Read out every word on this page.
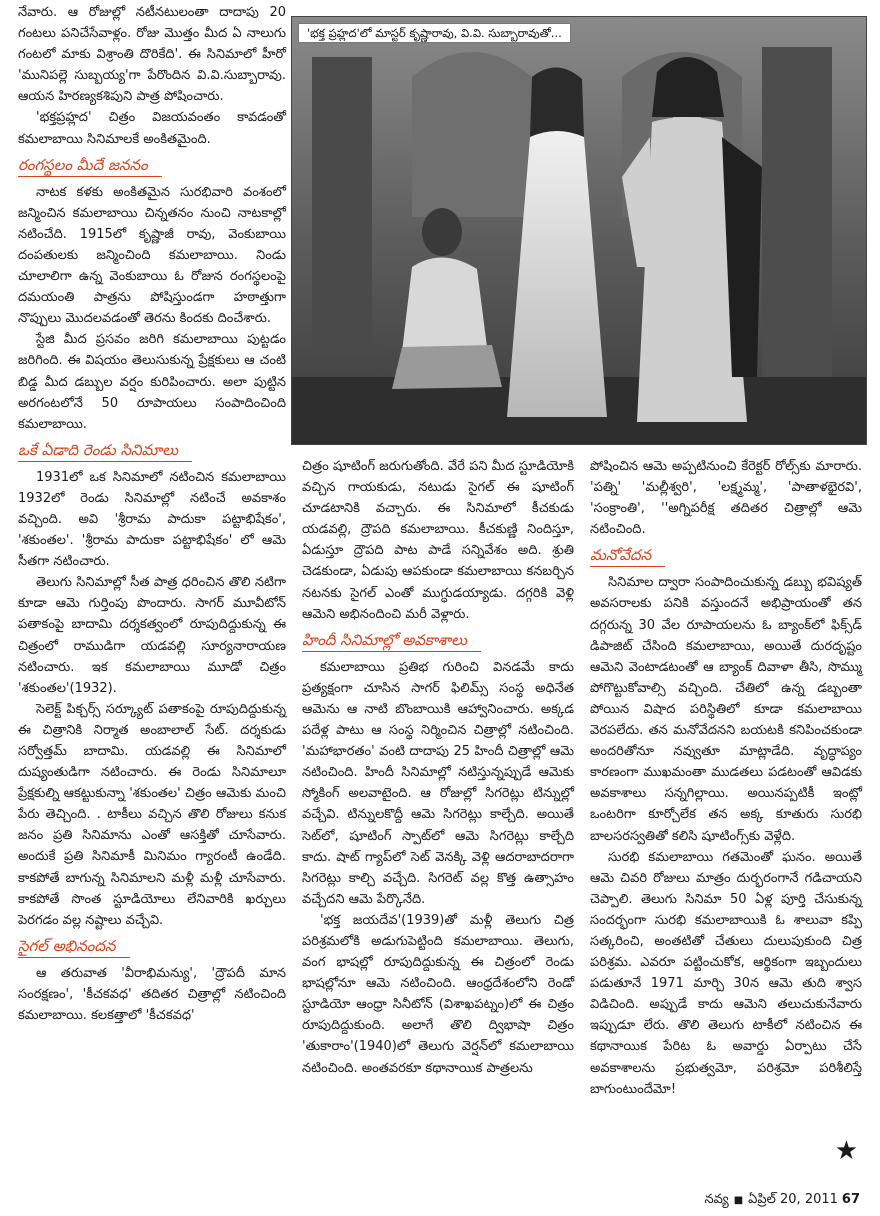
నేవారు. ఆ రోజుల్లో నటీనటులంతా దాదాపు 20 గంటలు పనిచేసేవాళ్లం. రోజు మొత్తం మీద ఏ నాలుగు గంటలో మాకు విశ్రాంతి దొరికేది'. ఈ సినిమాలో హీరో 'మునిపల్లె సుబ్బయ్య'గా పేరొందిన వి.వి.సుబ్బారావు. ఆయన హిరణ్యకశిపుని పాత్ర పోషించారు.

'భక్తప్రహ్లద' చిత్రం విజయవంతం కావడంతో కమలాబాయి సినిమాలకే అంకితమైంది.

రంగస్థలం మీదే జననం

నాటక కళకు అంకితమైన సురభివారి వంశంలో జన్మించిన కమలాబాయి చిన్నతనం నుంచి నాటకాల్లో నటించేది. 1915లో కృష్ణాజీ రావు, వెంకుబాయి దంపతులకు జన్మించింది కమలాబాయి. నిండు చూలాలిగా ఉన్న వెంకుబాయి ఓ రోజున రంగస్థలంపై దమయంతి పాత్రను పోషిస్తుండగా హఠాత్తుగా నొప్పులు మొదలవడంతో తెరను కిందకు దించేశారు.

స్టేజి మీద ప్రసవం జరిగి కమలాబాయి పుట్టడం జరిగింది. ఈ విషయం తెలుసుకున్న ప్రేక్షకులు ఆ చంటి బిడ్డ మీద డబ్బుల వర్షం కురిపించారు. అలా పుట్టిన అరగంటలోనే 50 రూపాయలు సంపాదించింది కమలాబాయి.

ఒకే ఏడాది రెండు సినిమాలు

1931లో ఒక సినిమాలో నటించిన కమలాబాయి 1932లో రెండు సినిమాల్లో నటించే అవకాశం వచ్చింది. అవి 'శ్రీరామ పాదుకా పట్టాభిషేకం', 'శకుంతల'. 'శ్రీరామ పాదుకా పట్టాభిషేకం' లో ఆమె సీతగా నటించారు.

తెలుగు సినిమాల్లో సీత పాత్ర ధరించిన తొలి నటిగా కూడా ఆమె గుర్తింపు పొందారు. సాగర్ మూవీటోన్ పతాకంపై బాదామి దర్శకత్వంలో రూపుదిద్దుకున్న ఈ చిత్రంలో రాముడిగా యడవల్లి సూర్యనారాయణ నటించారు. ఇక కమలాబాయి మూడో చిత్రం 'శకుంతల'(1932).

సెలెక్ట్ పిక్చర్స్ సర్క్యూట్ పతాకంపై రూపుదిద్దుకున్న ఈ చిత్రానికి నిర్మాత అంబాలాల్ సేట్. దర్శకుడు సర్వోత్తమ్ బాదామి. యడవల్లి ఈ సినిమాలో దుష్యంతుడిగా నటించారు. ఈ రెండు సినిమాలూ ప్రేక్షకుల్ని ఆకట్టుకున్నా 'శకుంతల' చిత్రం ఆమెకు మంచి పేరు తెచ్చింది. . టాకీలు వచ్చిన తొలి రోజులు కనుక జనం ప్రతి సినిమాను ఎంతో ఆసక్తితో చూసేవారు. అందుకే ప్రతి సినిమాకీ మినిమం గ్యారంటీ ఉండేది. కాకపోతే బాగున్న సినిమాలని మళ్లీ మళ్లీ చూసేవారు. కాకపోతే సొంత స్టూడియోలు లేనివారికి ఖర్చులు పెరగడం వల్ల నష్టాలు వచ్చేవి.

సైగల్ అభినందన

ఆ తరువాత 'వీరాభిమన్యు', 'ద్రౌపదీ మాన సంరక్షణం', 'కీచకవధ' తదితర చిత్రాల్లో నటించింది కమలాబాయి. కలకత్తాలో 'కీచకవధ'

'భక్త ప్రహ్లద'లో మాస్టర్ కృష్ణారావు, వి.వి. సుబ్బారావుతో...

చిత్రం షూటింగ్ జరుగుతోంది. వేరే పని మీద స్టూడియోకి వచ్చిన గాయకుడు, నటుడు సైగల్ ఈ షూటింగ్ చూడటానికి వచ్చారు. ఈ సినిమాలో కీచకుడు యడవల్లి, ద్రౌపది కమలాబాయి. కీచకుణ్ణి నిందిస్తూ, ఏడుస్తూ ద్రౌపది పాట పాడే సన్నివేశం అది. శ్రుతి చెడకుండా, ఏడుపు ఆపకుండా కమలాబాయి కనబర్చిన నటనకు సైగల్ ఎంతో ముగ్ధుడయ్యాడు. దగ్గరికి వెళ్లి ఆమెని అభినందించి మరీ వెళ్లారు.

హిందీ సినిమాల్లో అవకాశాలు

కమలాబాయి ప్రతిభ గురించి వినడమే కాదు ప్రత్యక్షంగా చూసిన సాగర్ ఫిలిమ్స్ సంస్థ అధినేత ఆమెను ఆ నాటి బొంబాయికి ఆహ్వానించారు. అక్కడ పదేళ్ల పాటు ఆ సంస్థ నిర్మించిన చిత్రాల్లో నటించింది. 'మహాభారతం' వంటి దాదాపు 25 హిందీ చిత్రాల్లో ఆమె నటించింది. హిందీ సినిమాల్లో నటిస్తున్నప్పుడే ఆమెకు స్మోకింగ్ అలవాటైంది. ఆ రోజుల్లో సిగరెట్లు టిన్నుల్లో వచ్చేవి. టిన్నులకొద్దీ ఆమె సిగరెట్లు కాల్చేది. అయితే సెట్‌లో, షూటింగ్ స్పాట్‌లో ఆమె సిగరెట్లు కాల్చేది కాదు. షాట్ గ్యాప్‌లో సెట్ వెనక్కి వెళ్లి ఆదరాబాదరాగా సిగరెట్లు కాల్చి వచ్చేది. సిగరెట్ వల్ల కొత్త ఉత్సాహం వచ్చేదని ఆమె పేర్కొనేది.

'భక్త జయదేవ'(1939)తో మళ్లీ తెలుగు చిత్ర పరిశ్రమలోకి అడుగుపెట్టింది కమలాబాయి. తెలుగు, వంగ భాషల్లో రూపుదిద్దుకున్న ఈ చిత్రంలో రెండు భాషల్లోనూ ఆమె నటించింది. ఆంధ్రదేశంలోని రెండో స్టూడియో ఆంధ్రా సినీటోన్ (విశాఖపట్నం)లో ఈ చిత్రం రూపుదిద్దుకుంది. అలాగే తొలి ద్విభాషా చిత్రం 'తుకారాం'(1940)లో తెలుగు వెర్షన్‌లో కమలాబాయి నటించింది. అంతవరకూ కథానాయిక పాత్రలను

పోషించిన ఆమె అప్పటినుంచి కేరెక్టర్ రోల్స్‌కు మారారు. 'పత్ని' 'మల్లీశ్వరి', 'లక్ష్మమ్మ', 'పాతాళభైరవి', 'సంక్రాంతి', ''అగ్నిపరీక్ష తదితర చిత్రాల్లో ఆమె నటించింది.

మనోవేదన

సినిమాల ద్వారా సంపాదించుకున్న డబ్బు భవిష్యత్ అవసరాలకు పనికి వస్తుందనే అభిప్రాయంతో తన దగ్గరున్న 30 వేల రూపాయలను ఓ బ్యాంక్‌లో ఫిక్స్‌డ్ డిపాజిట్ చేసింది కమలాబాయి, అయితే దురదృష్టం ఆమెని వెంటాడటంతో ఆ బ్యాంక్ దివాళా తీసి, సొమ్ము పోగొట్టుకోవాల్సి వచ్చింది. చేతిలో ఉన్న డబ్బంతా పోయిన విషాద పరిస్థితిలో కూడా కమలాబాయి వెరపలేదు. తన మనోవేదనని బయటకి కనిపించకుండా అందరితోనూ నవ్వుతూ మాట్లాడేది. వృద్ధాప్యం కారణంగా ముఖమంతా ముడతలు పడటంతో ఆవిడకు అవకాశాలు సన్నగిల్లాయి. అయినప్పటికీ ఇంట్లో ఒంటరిగా కూర్చోలేక తన అక్క కూతురు సురభి బాలసరస్వతితో కలిసి షూటింగ్స్‌కు వెళ్లేది.

సురభి కమలాబాయి గతమెంతో ఘనం. అయితే ఆమె చివరి రోజులు మాత్రం దుర్భరంగానే గడిచాయని చెప్పాలి. తెలుగు సినిమా 50 ఏళ్ల పూర్తి చేసుకున్న సందర్భంగా సురభి కమలాబాయికి ఓ శాలువా కప్పి సత్కరించి, అంతటితో చేతులు దులుపుకుంది చిత్ర పరిశ్రమ. ఎవరూ పట్టించుకోక, ఆర్థికంగా ఇబ్బందులు పడుతూనే 1971 మార్చి 30న ఆమె తుది శ్వాస విడిచింది. అప్పుడే కాదు ఆమెని తలుచుకునేవారు ఇప్పుడూ లేరు. తొలి తెలుగు టాకీలో నటించిన ఈ కథానాయిక పేరిట ఓ అవార్డు ఏర్పాటు చేసే అవకాశాలను ప్రభుత్వమో, పరిశ్రమో పరిశీలిస్తే బాగుంటుందేమో!

★
నవ్య ■ ఏప్రిల్ 20, 2011 67
